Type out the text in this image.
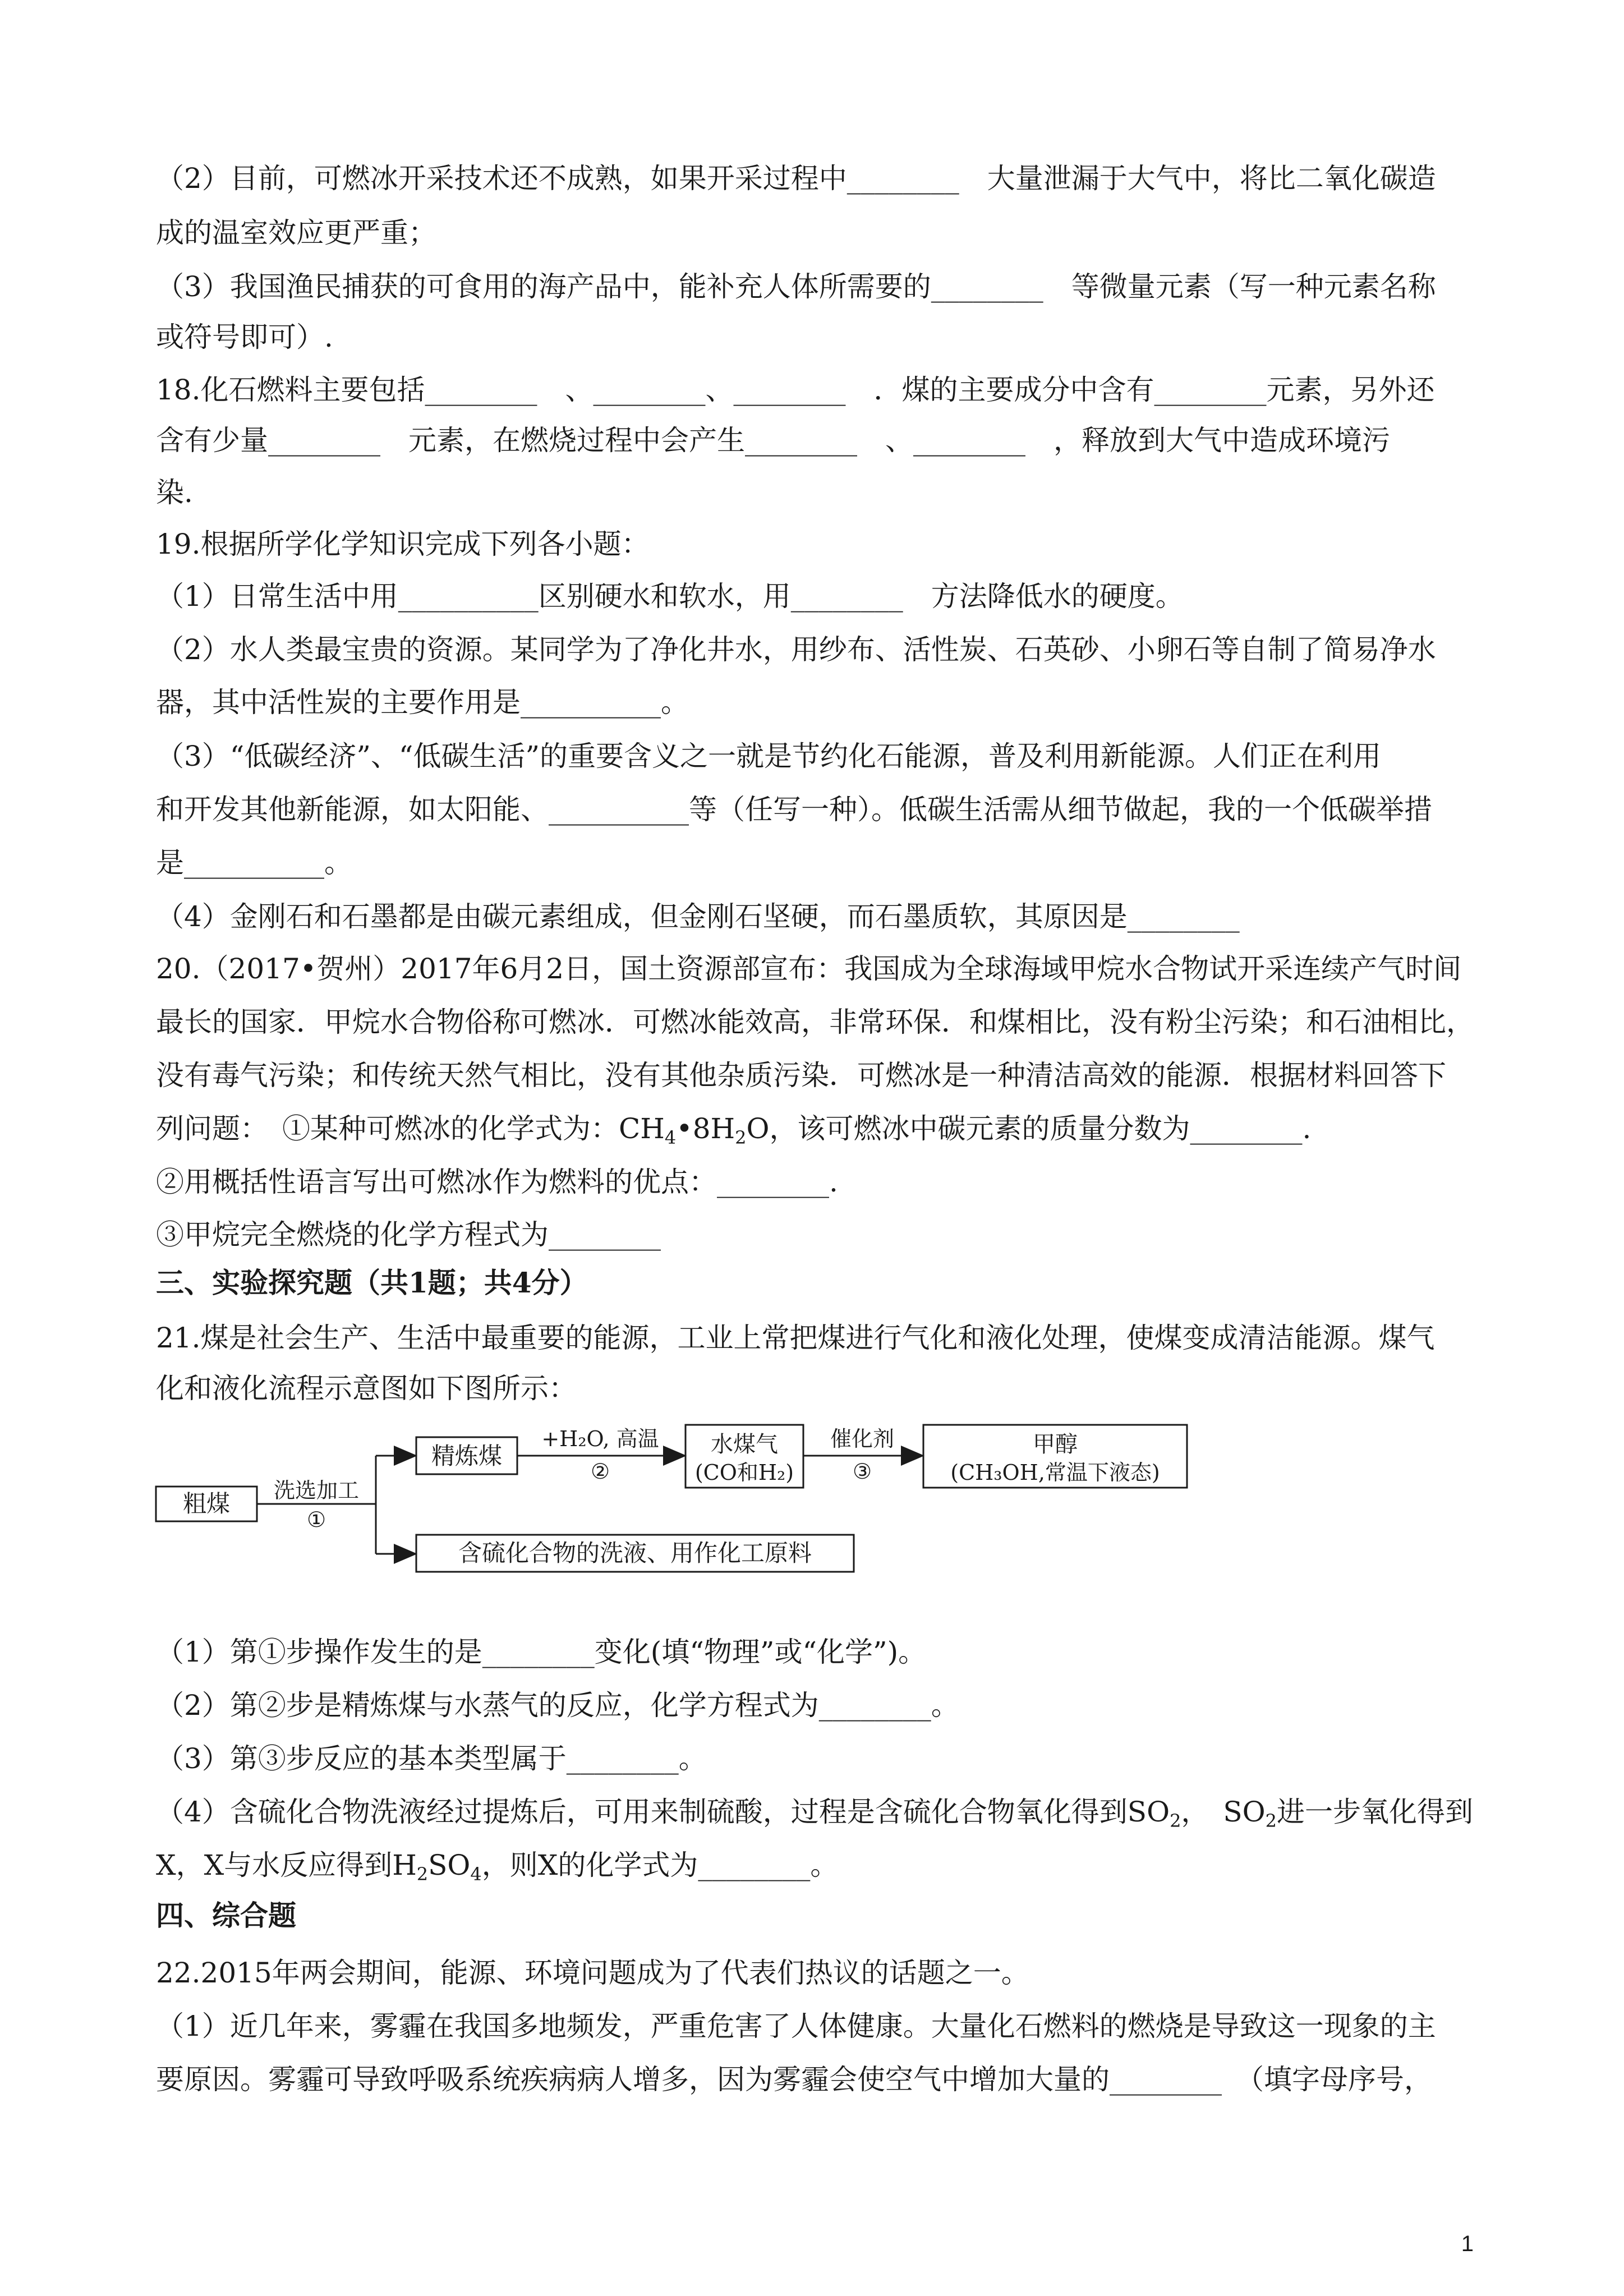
（2）目前，可燃冰开采技术还不成熟，如果开采过程中________　大量泄漏于大气中，将比二氧化碳造
成的温室效应更严重；
（3）我国渔民捕获的可食用的海产品中，能补充人体所需要的________　等微量元素（写一种元素名称
或符号即可）.
18.化石燃料主要包括________　、________、________　．煤的主要成分中含有________元素，另外还
含有少量________　元素，在燃烧过程中会产生________　、________　，释放到大气中造成环境污
染.
19.根据所学化学知识完成下列各小题：
（1）日常生活中用__________区别硬水和软水，用________　方法降低水的硬度。
（2）水人类最宝贵的资源。某同学为了净化井水，用纱布、活性炭、石英砂、小卵石等自制了简易净水
器，其中活性炭的主要作用是__________。
（3）“低碳经济”、“低碳生活”的重要含义之一就是节约化石能源，普及利用新能源。人们正在利用
和开发其他新能源，如太阳能、__________等（任写一种）。低碳生活需从细节做起，我的一个低碳举措
是__________。
（4）金刚石和石墨都是由碳元素组成，但金刚石坚硬，而石墨质软，其原因是________
20.（2017•贺州）2017年6月2日，国土资源部宣布：我国成为全球海域甲烷水合物试开采连续产气时间
最长的国家．甲烷水合物俗称可燃冰．可燃冰能效高，非常环保．和煤相比，没有粉尘污染；和石油相比，
没有毒气污染；和传统天然气相比，没有其他杂质污染．可燃冰是一种清洁高效的能源．根据材料回答下
列问题：　①某种可燃冰的化学式为：$CH_4•8H_2O$，该可燃冰中碳元素的质量分数为________.
②用概括性语言写出可燃冰作为燃料的优点：________.
③甲烷完全燃烧的化学方程式为________
三、实验探究题（共1题；共4分）
21.煤是社会生产、生活中最重要的能源，工业上常把煤进行气化和液化处理，使煤变成清洁能源。煤气
化和液化流程示意图如下图所示：
粗煤 洗选加工
①
精炼煤
+H₂O, 高温
②
水煤气
(CO和H₂)
催化剂
③
甲醇
(CH₃OH,常温下液态)
含硫化合物的洗液、用作化工原料
（1）第①步操作发生的是________变化(填“物理”或“化学”)。
（2）第②步是精炼煤与水蒸气的反应，化学方程式为________。
（3）第③步反应的基本类型属于________。
（4）含硫化合物洗液经过提炼后，可用来制硫酸，过程是含硫化合物氧化得到$SO_2$，　$SO_2$进一步氧化得到
X，X与水反应得到$H_2SO_4$，则X的化学式为________。
四、综合题
22.2015年两会期间，能源、环境问题成为了代表们热议的话题之一。
（1）近几年来，雾霾在我国多地频发，严重危害了人体健康。大量化石燃料的燃烧是导致这一现象的主
要原因。雾霾可导致呼吸系统疾病病人增多，因为雾霾会使空气中增加大量的________　（填字母序号，
1
